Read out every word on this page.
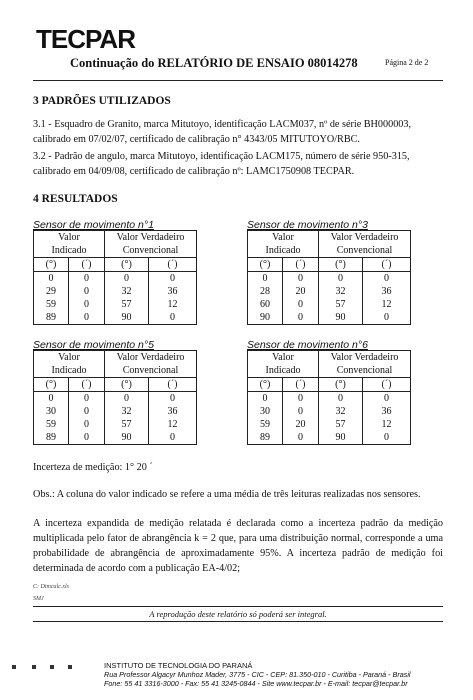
TECPAR
Continuação do RELATÓRIO DE ENSAIO 08014278	Página 2 de 2
3 PADRÕES UTILIZADOS
3.1 - Esquadro de Granito, marca Mitutoyo, identificação LACM037, nº de série BH000003, calibrado em 07/02/07, certificado de calibração n° 4343/05 MITUTOYO/RBC.
3.2 - Padrão de angulo, marca Mitutoyo, identificação LACM175, número de série 950-315, calibrado em 04/09/08, certificado de calibração nº: LAMC1750908 TECPAR.
4 RESULTADOS
Sensor de movimento n°1
Valor		Valor Verdadeiro	
Indicado		Convencional	
(°)	(´)	(°)	(´)
0	0	0	0
29	0	32	36
59	0	57	12
89	0	90	0
Sensor de movimento n°3
Valor		Valor Verdadeiro	
Indicado		Convencional	
(°)	(´)	(°)	(´)
0	0	0	0
28	20	32	36
60	0	57	12
90	0	90	0
Sensor de movimento n°5
Valor		Valor Verdadeiro	
Indicado		Convencional	
(°)	(´)	(°)	(´)
0	0	0	0
30	0	32	36
59	0	57	12
89	0	90	0
Sensor de movimento n°6
Valor		Valor Verdadeiro	
Indicado		Convencional	
(°)	(´)	(°)	(´)
0	0	0	0
30	0	32	36
59	20	57	12
89	0	90	0
Incerteza de medição: 1° 20 ´
Obs.: A coluna do valor indicado se refere a uma média de três leituras realizadas nos sensores.
A incerteza expandida de medição relatada é declarada como a incerteza padrão da medição multiplicada pelo fator de abrangência k = 2 que, para uma distribuição normal, corresponde a uma probabilidade de abrangência de aproximadamente 95%. A incerteza padrão de medição foi determinada de acordo com a publicação EA-4/02;
C: Dimcalc.xls
SMJ
A reprodução deste relatório só poderá ser integral.
INSTITUTO DE TECNOLOGIA DO PARANÁ
Rua Professor Algacyr Munhoz Mader, 3775 - CIC - CEP: 81.350-010 - Curitiba - Paraná - Brasil
Fone: 55 41 3316-3000 - Fax: 55 41 3245-0844 - Site www.tecpar.br - E-mail: tecpar@tecpar.br
